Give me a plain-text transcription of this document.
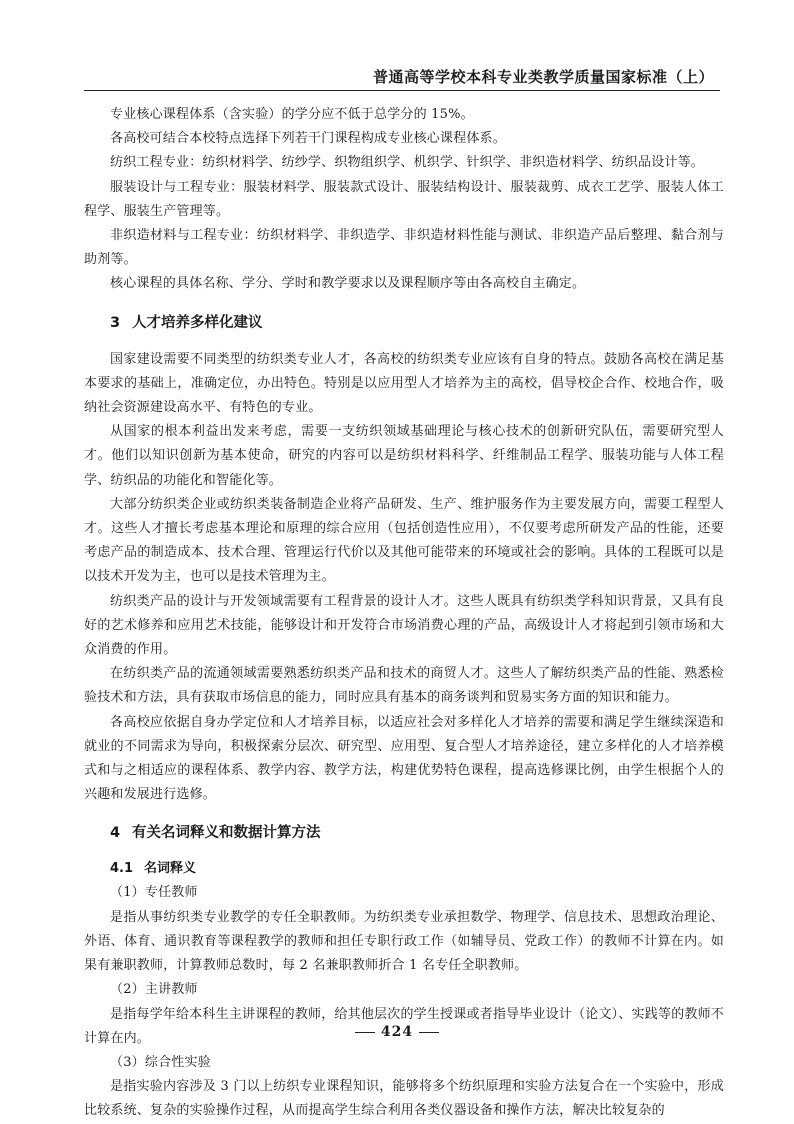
普通高等学校本科专业类教学质量国家标准（上）

专业核心课程体系（含实验）的学分应不低于总学分的 15%。

各高校可结合本校特点选择下列若干门课程构成专业核心课程体系。

纺织工程专业：纺织材料学、纺纱学、织物组织学、机织学、针织学、非织造材料学、纺织品设计等。

服装设计与工程专业：服装材料学、服装款式设计、服装结构设计、服装裁剪、成衣工艺学、服装人体工程学、服装生产管理等。

非织造材料与工程专业：纺织材料学、非织造学、非织造材料性能与测试、非织造产品后整理、黏合剂与助剂等。

核心课程的具体名称、学分、学时和教学要求以及课程顺序等由各高校自主确定。

3 人才培养多样化建议

国家建设需要不同类型的纺织类专业人才，各高校的纺织类专业应该有自身的特点。鼓励各高校在满足基本要求的基础上，准确定位，办出特色。特别是以应用型人才培养为主的高校，倡导校企合作、校地合作，吸纳社会资源建设高水平、有特色的专业。

从国家的根本利益出发来考虑，需要一支纺织领域基础理论与核心技术的创新研究队伍，需要研究型人才。他们以知识创新为基本使命，研究的内容可以是纺织材料科学、纤维制品工程学、服装功能与人体工程学、纺织品的功能化和智能化等。

大部分纺织类企业或纺织类装备制造企业将产品研发、生产、维护服务作为主要发展方向，需要工程型人才。这些人才擅长考虑基本理论和原理的综合应用（包括创造性应用），不仅要考虑所研发产品的性能，还要考虑产品的制造成本、技术合理、管理运行代价以及其他可能带来的环境或社会的影响。具体的工程既可以是以技术开发为主，也可以是技术管理为主。

纺织类产品的设计与开发领域需要有工程背景的设计人才。这些人既具有纺织类学科知识背景，又具有良好的艺术修养和应用艺术技能，能够设计和开发符合市场消费心理的产品，高级设计人才将起到引领市场和大众消费的作用。

在纺织类产品的流通领域需要熟悉纺织类产品和技术的商贸人才。这些人了解纺织类产品的性能、熟悉检验技术和方法，具有获取市场信息的能力，同时应具有基本的商务谈判和贸易实务方面的知识和能力。

各高校应依据自身办学定位和人才培养目标，以适应社会对多样化人才培养的需要和满足学生继续深造和就业的不同需求为导向，积极探索分层次、研究型、应用型、复合型人才培养途径，建立多样化的人才培养模式和与之相适应的课程体系、教学内容、教学方法，构建优势特色课程，提高选修课比例，由学生根据个人的兴趣和发展进行选修。

4 有关名词释义和数据计算方法
4.1 名词释义

（1）专任教师

是指从事纺织类专业教学的专任全职教师。为纺织类专业承担数学、物理学、信息技术、思想政治理论、外语、体育、通识教育等课程教学的教师和担任专职行政工作（如辅导员、党政工作）的教师不计算在内。如果有兼职教师，计算教师总数时，每 2 名兼职教师折合 1 名专任全职教师。

（2）主讲教师

是指每学年给本科生主讲课程的教师，给其他层次的学生授课或者指导毕业设计（论文）、实践等的教师不计算在内。

（3）综合性实验

是指实验内容涉及 3 门以上纺织专业课程知识，能够将多个纺织原理和实验方法复合在一个实验中，形成比较系统、复杂的实验操作过程，从而提高学生综合利用各类仪器设备和操作方法，解决比较复杂的

424
